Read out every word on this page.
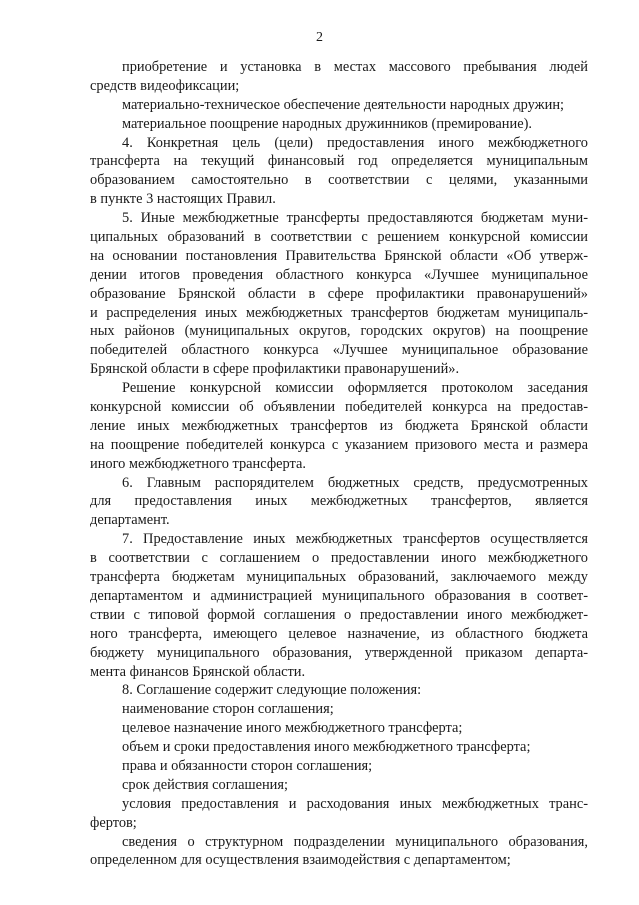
2
приобретение и установка в местах массового пребывания людей
средств видеофиксации;
материально-техническое обеспечение деятельности народных дружин;
материальное поощрение народных дружинников (премирование).
4. Конкретная цель (цели) предоставления иного межбюджетного
трансферта на текущий финансовый год определяется муниципальным
образованием самостоятельно в соответствии с целями, указанными
в пункте 3 настоящих Правил.
5. Иные межбюджетные трансферты предоставляются бюджетам муни-
ципальных образований в соответствии с решением конкурсной комиссии
на основании постановления Правительства Брянской области «Об утверж-
дении итогов проведения областного конкурса «Лучшее муниципальное
образование Брянской области в сфере профилактики правонарушений»
и распределения иных межбюджетных трансфертов бюджетам муниципаль-
ных районов (муниципальных округов, городских округов) на поощрение
победителей областного конкурса «Лучшее муниципальное образование
Брянской области в сфере профилактики правонарушений».
Решение конкурсной комиссии оформляется протоколом заседания
конкурсной комиссии об объявлении победителей конкурса на предостав-
ление иных межбюджетных трансфертов из бюджета Брянской области
на поощрение победителей конкурса с указанием призового места и размера
иного межбюджетного трансферта.
6. Главным распорядителем бюджетных средств, предусмотренных
для предоставления иных межбюджетных трансфертов, является
департамент.
7. Предоставление иных межбюджетных трансфертов осуществляется
в соответствии с соглашением о предоставлении иного межбюджетного
трансферта бюджетам муниципальных образований, заключаемого между
департаментом и администрацией муниципального образования в соответ-
ствии с типовой формой соглашения о предоставлении иного межбюджет-
ного трансферта, имеющего целевое назначение, из областного бюджета
бюджету муниципального образования, утвержденной приказом департа-
мента финансов Брянской области.
8. Соглашение содержит следующие положения:
наименование сторон соглашения;
целевое назначение иного межбюджетного трансферта;
объем и сроки предоставления иного межбюджетного трансферта;
права и обязанности сторон соглашения;
срок действия соглашения;
условия предоставления и расходования иных межбюджетных транс-
фертов;
сведения о структурном подразделении муниципального образования,
определенном для осуществления взаимодействия с департаментом;
